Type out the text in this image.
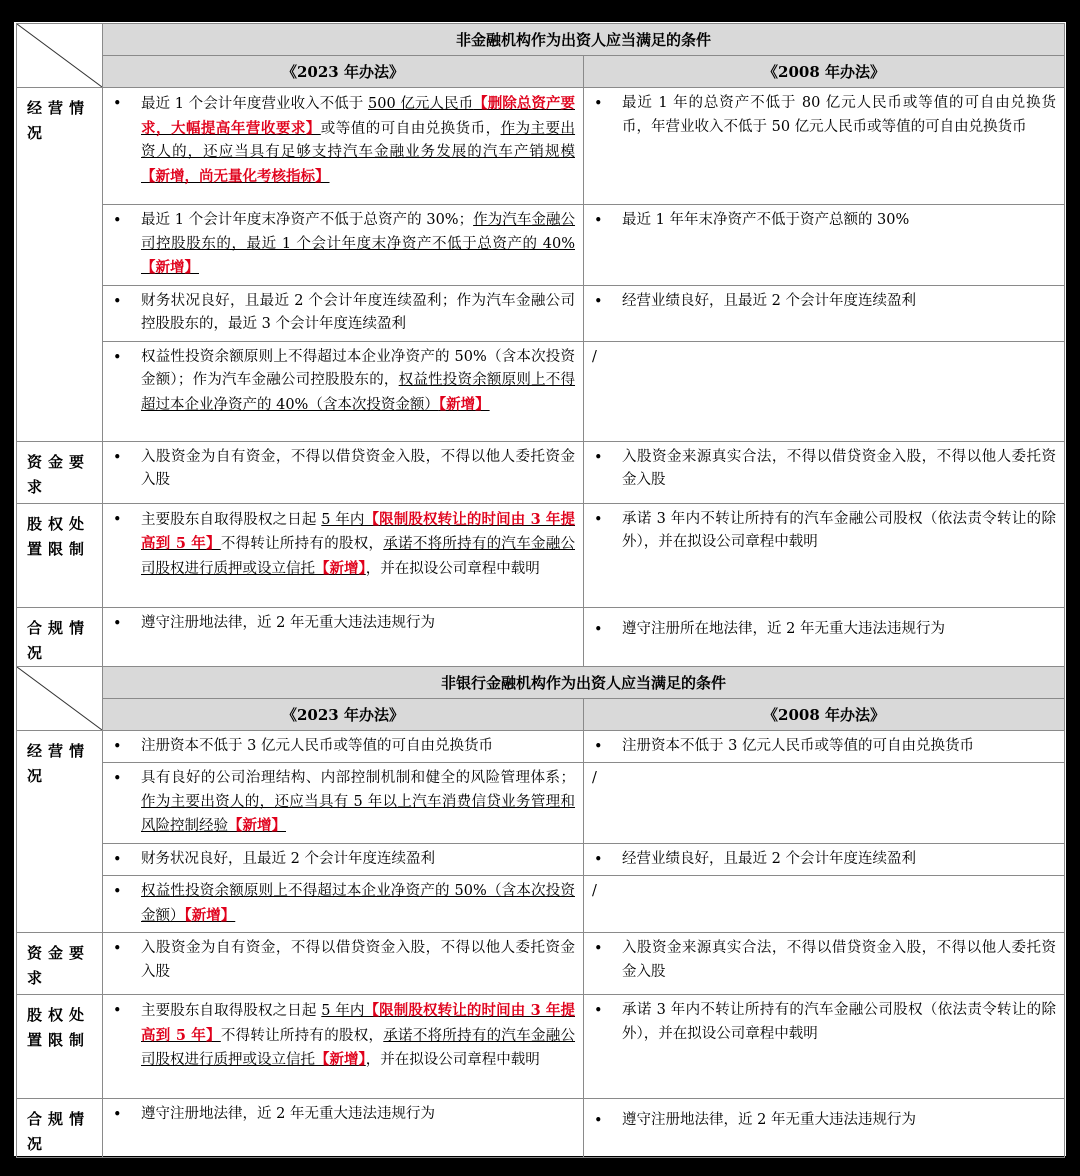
	非金融机构作为出资人应当满足的条件	
	《2023 年办法》	《2008 年办法》
经营情况	• 最近 1 个会计年度营业收入不低于 500 亿元人民币【删除总资产要求，大幅提高年营收要求】或等值的可自由兑换货币，作为主要出资人的，还应当具有足够支持汽车金融业务发展的汽车产销规模【新增，尚无量化考核指标】	• 最近 1 年的总资产不低于 80 亿元人民币或等值的可自由兑换货币，年营业收入不低于 50 亿元人民币或等值的可自由兑换货币

	• 最近 1 个会计年度末净资产不低于总资产的 30%；作为汽车金融公司控股股东的，最近 1 个会计年度末净资产不低于总资产的 40%【新增】	• 最近 1 年年末净资产不低于资产总额的 30%

	• 财务状况良好，且最近 2 个会计年度连续盈利；作为汽车金融公司控股股东的，最近 3 个会计年度连续盈利	• 经营业绩良好，且最近 2 个会计年度连续盈利

	• 权益性投资余额原则上不得超过本企业净资产的 50%（含本次投资金额）；作为汽车金融公司控股股东的，权益性投资余额原则上不得超过本企业净资产的 40%（含本次投资金额）【新增】	/
资金要求	• 入股资金为自有资金，不得以借贷资金入股，不得以他人委托资金入股	• 入股资金来源真实合法，不得以借贷资金入股，不得以他人委托资金入股
股权处置限制	• 主要股东自取得股权之日起 5 年内【限制股权转让的时间由 3 年提高到 5 年】不得转让所持有的股权，承诺不将所持有的汽车金融公司股权进行质押或设立信托【新增】，并在拟设公司章程中载明	• 承诺 3 年内不转让所持有的汽车金融公司股权（依法责令转让的除外），并在拟设公司章程中载明
合规情况	• 遵守注册地法律，近 2 年无重大违法违规行为	• 遵守注册所在地法律，近 2 年无重大违法违规行为

	非银行金融机构作为出资人应当满足的条件	
	《2023 年办法》	《2008 年办法》
经营情况	• 注册资本不低于 3 亿元人民币或等值的可自由兑换货币	• 注册资本不低于 3 亿元人民币或等值的可自由兑换货币

	• 具有良好的公司治理结构、内部控制机制和健全的风险管理体系；作为主要出资人的，还应当具有 5 年以上汽车消费信贷业务管理和风险控制经验【新增】	/

	• 财务状况良好，且最近 2 个会计年度连续盈利	• 经营业绩良好，且最近 2 个会计年度连续盈利

	• 权益性投资余额原则上不得超过本企业净资产的 50%（含本次投资金额）【新增】	/
资金要求	• 入股资金为自有资金，不得以借贷资金入股，不得以他人委托资金入股	• 入股资金来源真实合法，不得以借贷资金入股，不得以他人委托资金入股
股权处置限制	• 主要股东自取得股权之日起 5 年内【限制股权转让的时间由 3 年提高到 5 年】不得转让所持有的股权，承诺不将所持有的汽车金融公司股权进行质押或设立信托【新增】，并在拟设公司章程中载明	• 承诺 3 年内不转让所持有的汽车金融公司股权（依法责令转让的除外），并在拟设公司章程中载明
合规情况	• 遵守注册地法律，近 2 年无重大违法违规行为	• 遵守注册地法律，近 2 年无重大违法违规行为
